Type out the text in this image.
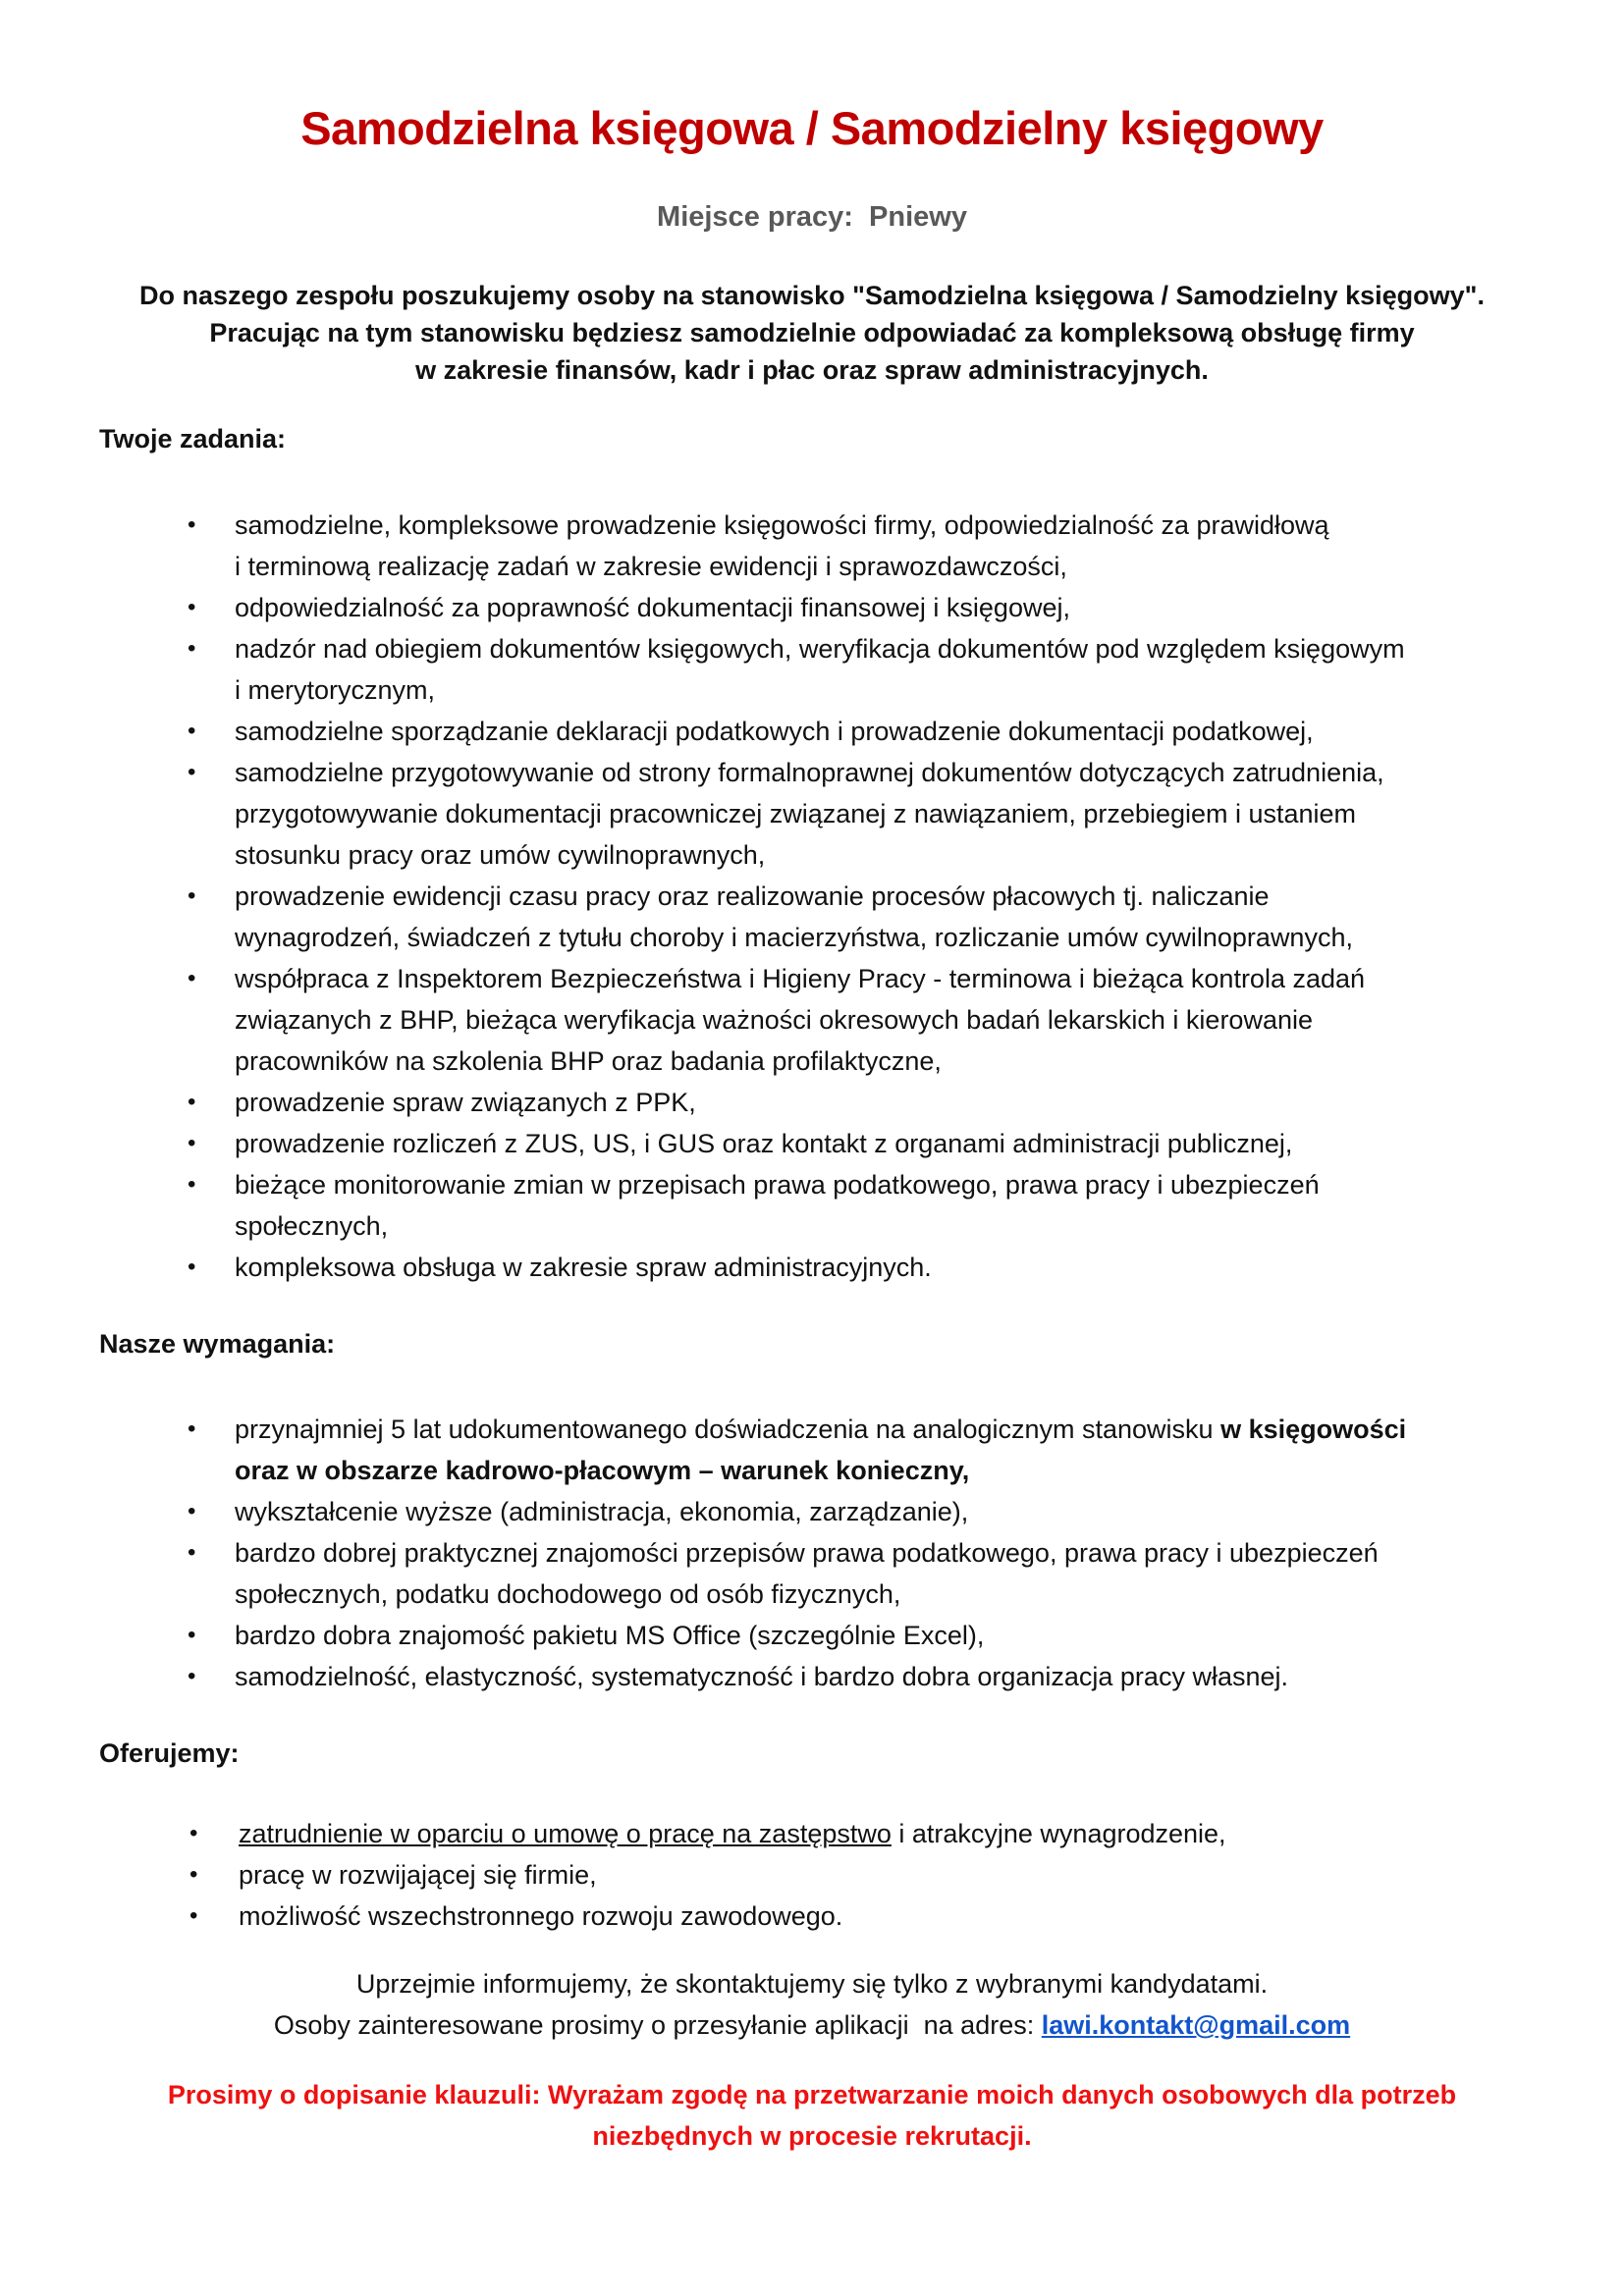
Samodzielna księgowa / Samodzielny księgowy
Miejsce pracy:  Pniewy
Do naszego zespołu poszukujemy osoby na stanowisko "Samodzielna księgowa / Samodzielny księgowy".
Pracując na tym stanowisku będziesz samodzielnie odpowiadać za kompleksową obsługę firmy
w zakresie finansów, kadr i płac oraz spraw administracyjnych.
Twoje zadania:
• samodzielne, kompleksowe prowadzenie księgowości firmy, odpowiedzialność za prawidłową
i terminową realizację zadań w zakresie ewidencji i sprawozdawczości,
• odpowiedzialność za poprawność dokumentacji finansowej i księgowej,
• nadzór nad obiegiem dokumentów księgowych, weryfikacja dokumentów pod względem księgowym
i merytorycznym,
• samodzielne sporządzanie deklaracji podatkowych i prowadzenie dokumentacji podatkowej,
• samodzielne przygotowywanie od strony formalnoprawnej dokumentów dotyczących zatrudnienia,
przygotowywanie dokumentacji pracowniczej związanej z nawiązaniem, przebiegiem i ustaniem
stosunku pracy oraz umów cywilnoprawnych,
• prowadzenie ewidencji czasu pracy oraz realizowanie procesów płacowych tj. naliczanie
wynagrodzeń, świadczeń z tytułu choroby i macierzyństwa, rozliczanie umów cywilnoprawnych,
• współpraca z Inspektorem Bezpieczeństwa i Higieny Pracy - terminowa i bieżąca kontrola zadań
związanych z BHP, bieżąca weryfikacja ważności okresowych badań lekarskich i kierowanie
pracowników na szkolenia BHP oraz badania profilaktyczne,
• prowadzenie spraw związanych z PPK,
• prowadzenie rozliczeń z ZUS, US, i GUS oraz kontakt z organami administracji publicznej,
• bieżące monitorowanie zmian w przepisach prawa podatkowego, prawa pracy i ubezpieczeń
społecznych,
• kompleksowa obsługa w zakresie spraw administracyjnych.
Nasze wymagania:
• przynajmniej 5 lat udokumentowanego doświadczenia na analogicznym stanowisku w księgowości
oraz w obszarze kadrowo-płacowym – warunek konieczny,
• wykształcenie wyższe (administracja, ekonomia, zarządzanie),
• bardzo dobrej praktycznej znajomości przepisów prawa podatkowego, prawa pracy i ubezpieczeń
społecznych, podatku dochodowego od osób fizycznych,
• bardzo dobra znajomość pakietu MS Office (szczególnie Excel),
• samodzielność, elastyczność, systematyczność i bardzo dobra organizacja pracy własnej.
Oferujemy:
• zatrudnienie w oparciu o umowę o pracę na zastępstwo i atrakcyjne wynagrodzenie,
• pracę w rozwijającej się firmie,
• możliwość wszechstronnego rozwoju zawodowego.
Uprzejmie informujemy, że skontaktujemy się tylko z wybranymi kandydatami.
Osoby zainteresowane prosimy o przesyłanie aplikacji  na adres: lawi.kontakt@gmail.com
Prosimy o dopisanie klauzuli: Wyrażam zgodę na przetwarzanie moich danych osobowych dla potrzeb
niezbędnych w procesie rekrutacji.
